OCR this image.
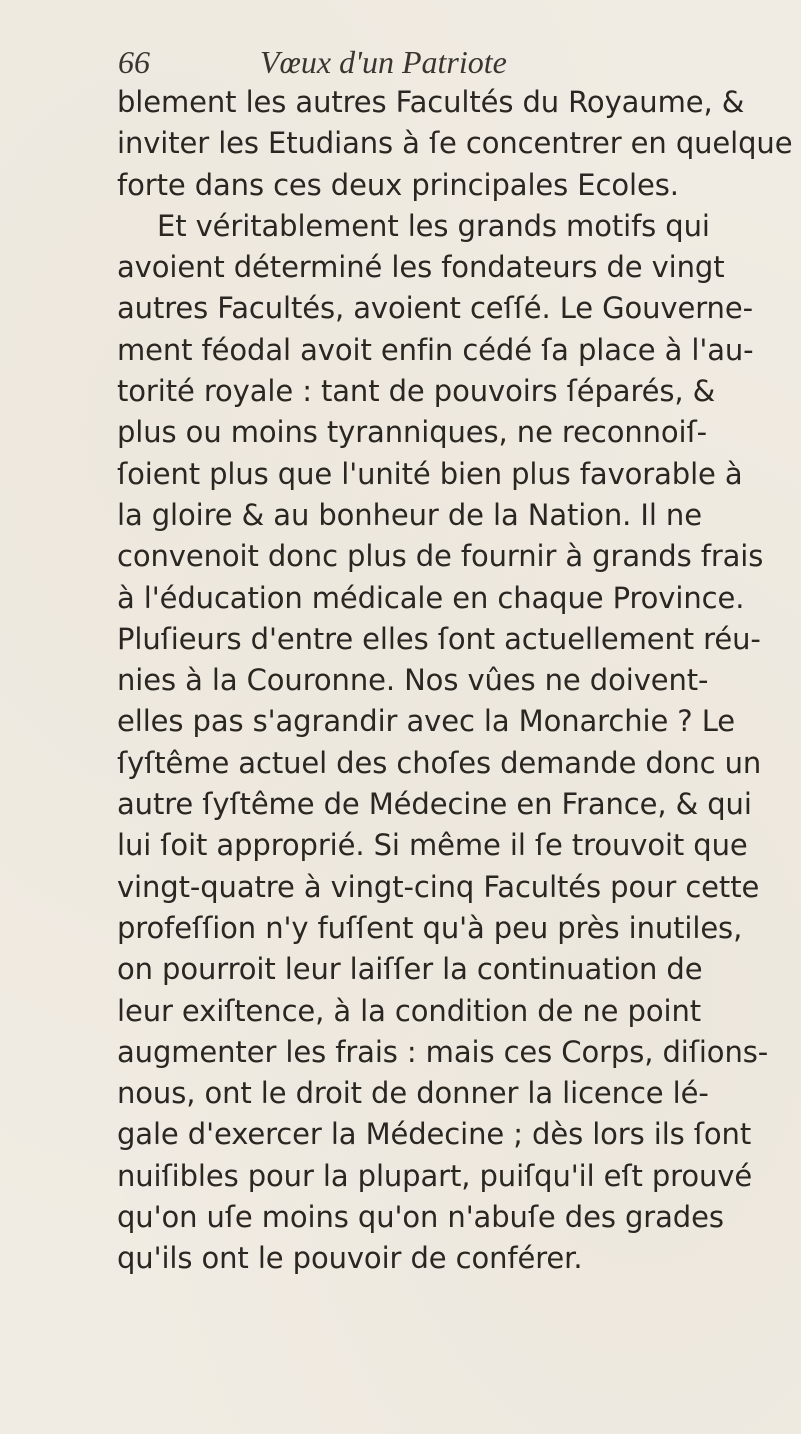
66	Vœux d'un Patriote
blement les autres Facultés du Royaume, &
inviter les Etudians à ſe concentrer en quelque
forte dans ces deux principales Ecoles.
Et véritablement les grands motifs qui
avoient déterminé les fondateurs de vingt
autres Facultés, avoient ceſſé. Le Gouverne-
ment féodal avoit enfin cédé ſa place à l'au-
torité royale : tant de pouvoirs ſéparés, &
plus ou moins tyranniques, ne reconnoiſ-
ſoient plus que l'unité bien plus favorable à
la gloire & au bonheur de la Nation. Il ne
convenoit donc plus de fournir à grands frais
à l'éducation médicale en chaque Province.
Pluſieurs d'entre elles ſont actuellement réu-
nies à la Couronne. Nos vûes ne doivent-
elles pas s'agrandir avec la Monarchie ? Le
ſyſtême actuel des choſes demande donc un
autre ſyſtême de Médecine en France, & qui
lui ſoit approprié. Si même il ſe trouvoit que
vingt-quatre à vingt-cinq Facultés pour cette
profeſſion n'y fuſſent qu'à peu près inutiles,
on pourroit leur laiſſer la continuation de
leur exiſtence, à la condition de ne point
augmenter les frais : mais ces Corps, diſions-
nous, ont le droit de donner la licence lé-
gale d'exercer la Médecine ; dès lors ils ſont
nuiſibles pour la plupart, puiſqu'il eſt prouvé
qu'on uſe moins qu'on n'abuſe des grades
qu'ils ont le pouvoir de conférer.
